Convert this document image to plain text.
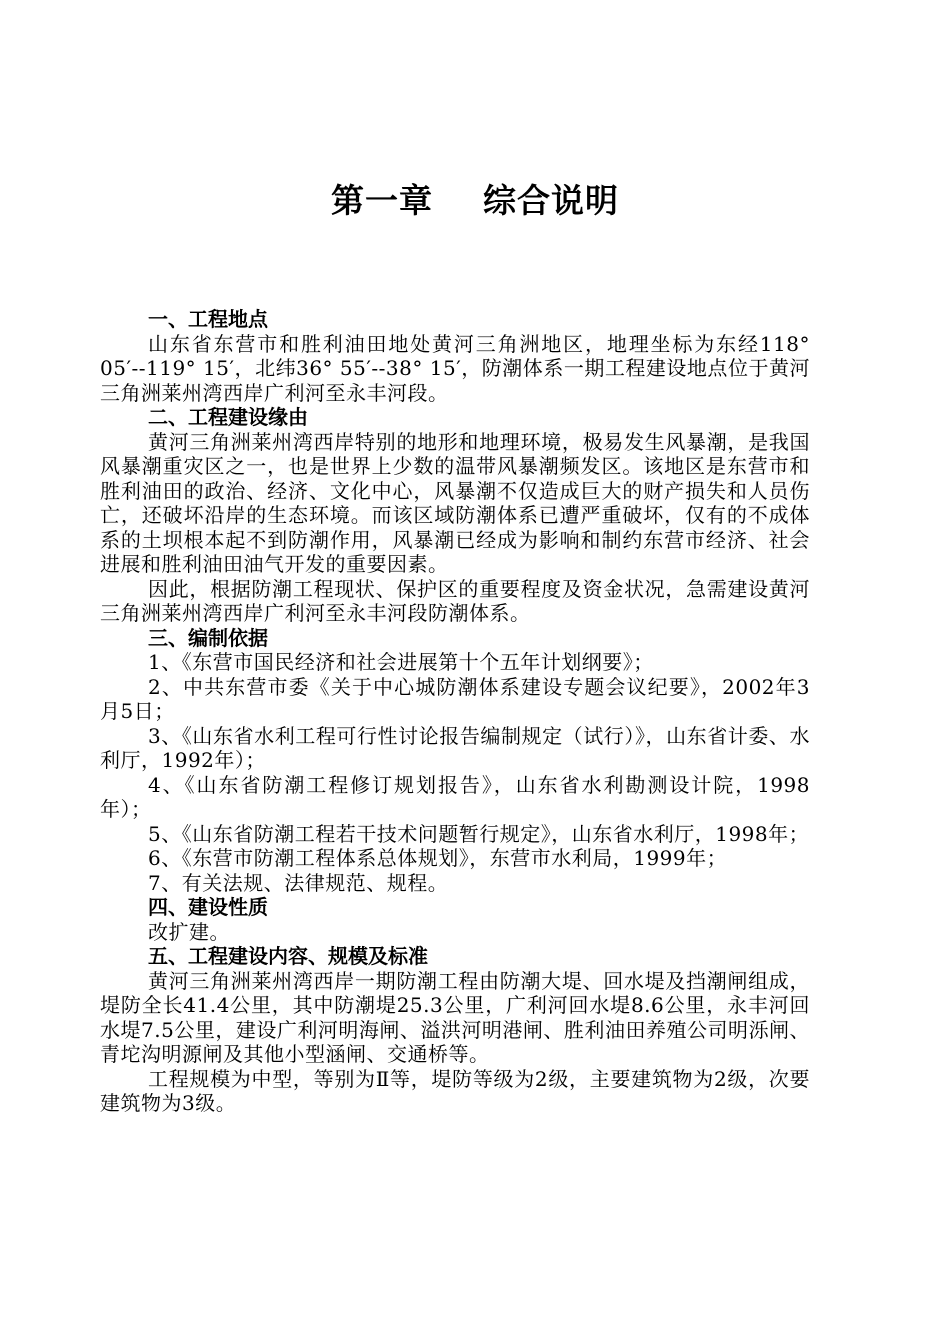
第一章    综合说明
一、工程地点

山东省东营市和胜利油田地处黄河三角洲地区，地理坐标为东经118° 05′--119° 15′，北纬36° 55′--38° 15′，防潮体系一期工程建设地点位于黄河三角洲莱州湾西岸广利河至永丰河段。

二、工程建设缘由

黄河三角洲莱州湾西岸特别的地形和地理环境，极易发生风暴潮，是我国风暴潮重灾区之一，也是世界上少数的温带风暴潮频发区。该地区是东营市和胜利油田的政治、经济、文化中心，风暴潮不仅造成巨大的财产损失和人员伤亡，还破坏沿岸的生态环境。而该区域防潮体系已遭严重破坏，仅有的不成体系的土坝根本起不到防潮作用，风暴潮已经成为影响和制约东营市经济、社会进展和胜利油田油气开发的重要因素。

因此，根据防潮工程现状、保护区的重要程度及资金状况，急需建设黄河三角洲莱州湾西岸广利河至永丰河段防潮体系。

三、编制依据

1、《东营市国民经济和社会进展第十个五年计划纲要》；

2、中共东营市委《关于中心城防潮体系建设专题会议纪要》，2002年3月5日；

3、《山东省水利工程可行性讨论报告编制规定（试行）》，山东省计委、水利厅，1992年）；

4、《山东省防潮工程修订规划报告》，山东省水利勘测设计院，1998年）；

5、《山东省防潮工程若干技术问题暂行规定》，山东省水利厅，1998年；

6、《东营市防潮工程体系总体规划》，东营市水利局，1999年；

7、有关法规、法律规范、规程。

四、建设性质

改扩建。

五、工程建设内容、规模及标准

黄河三角洲莱州湾西岸一期防潮工程由防潮大堤、回水堤及挡潮闸组成，堤防全长41.4公里，其中防潮堤25.3公里，广利河回水堤8.6公里，永丰河回水堤7.5公里，建设广利河明海闸、溢洪河明港闸、胜利油田养殖公司明泺闸、青坨沟明源闸及其他小型涵闸、交通桥等。

工程规模为中型，等别为Ⅱ等，堤防等级为2级，主要建筑物为2级，次要建筑物为3级。
